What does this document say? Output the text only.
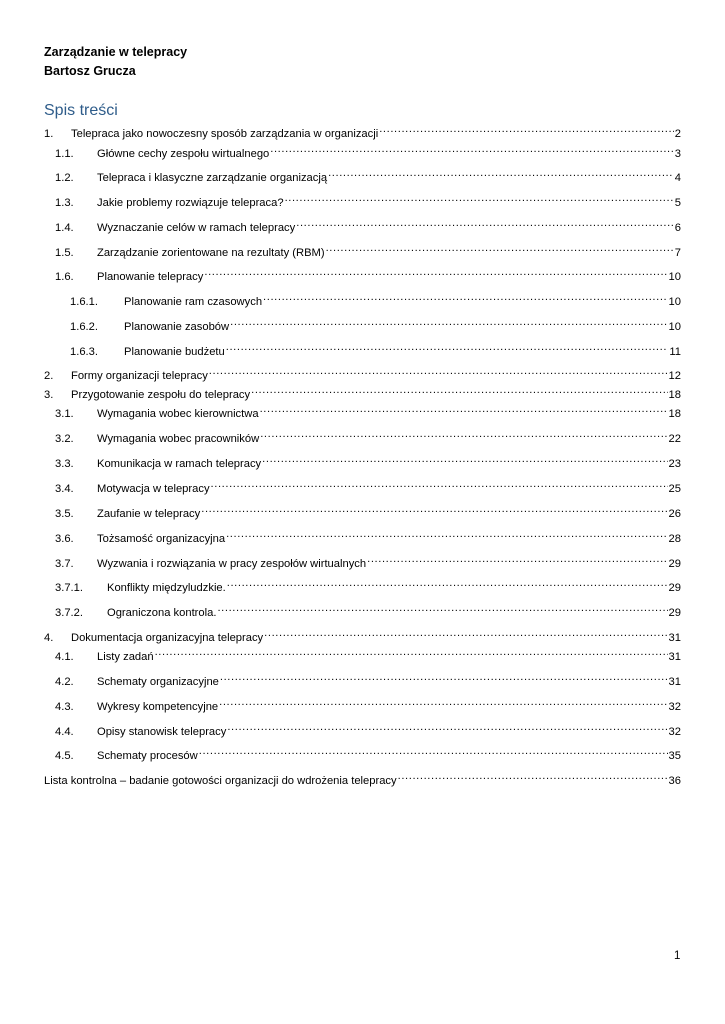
Zarządzanie w telepracy
Bartosz Grucza
Spis treści
1.	Telepraca jako nowoczesny sposób zarządzania w organizacji .....	2
1.1.	Główne cechy zespołu wirtualnego .....	3
1.2.	Telepraca i klasyczne zarządzanie organizacją .....	4
1.3.	Jakie problemy rozwiązuje telepraca? .....	5
1.4.	Wyznaczanie celów w ramach telepracy .....	6
1.5.	Zarządzanie zorientowane na rezultaty (RBM) .....	7
1.6.	Planowanie telepracy .....	10
1.6.1.	Planowanie ram czasowych .....	10
1.6.2.	Planowanie zasobów .....	10
1.6.3.	Planowanie budżetu .....	11
2.	Formy organizacji telepracy .....	12
3.	Przygotowanie zespołu do telepracy .....	18
3.1.	Wymagania wobec kierownictwa .....	18
3.2.	Wymagania wobec pracowników .....	22
3.3.	Komunikacja w ramach telepracy .....	23
3.4.	Motywacja w telepracy .....	25
3.5.	Zaufanie w telepracy .....	26
3.6.	Tożsamość organizacyjna .....	28
3.7.	Wyzwania i rozwiązania w pracy zespołów wirtualnych .....	29
3.7.1.	Konflikty międzyludzkie. .....	29
3.7.2.	Ograniczona kontrola. .....	29
4.	Dokumentacja organizacyjna telepracy .....	31
4.1.	Listy zadań .....	31
4.2.	Schematy organizacyjne .....	31
4.3.	Wykresy kompetencyjne .....	32
4.4.	Opisy stanowisk telepracy .....	32
4.5.	Schematy procesów .....	35
Lista kontrolna – badanie gotowości organizacji do wdrożenia telepracy .....	36
1
